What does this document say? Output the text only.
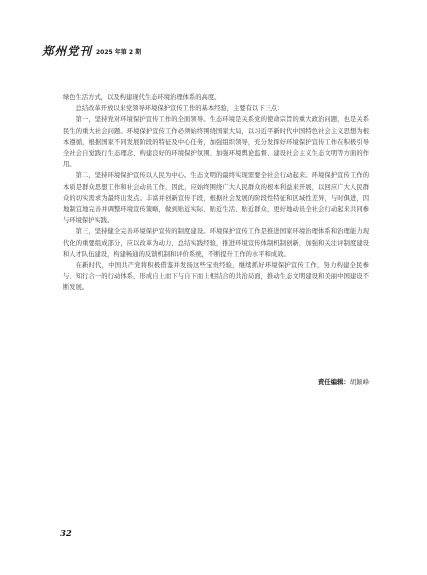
郑州党刊 2025 年第 2 期

绿色生活方式，以及构建现代生态环境治理体系的高度。

总结改革开放以来党领导环境保护宣传工作的基本经验，主要有以下三点：

第一，坚持党对环境保护宣传工作的全面领导。生态环境是关系党的使命宗旨的重大政治问题，也是关系民生的重大社会问题。环境保护宣传工作必须始终围绕国家大局，以习近平新时代中国特色社会主义思想为根本遵循，根据国家不同发展阶段的特征及中心任务，加强组织领导，充分发挥好环境保护宣传工作在积极引导全社会自觉践行生态理念、构建良好的环境保护氛围、加强环境舆论监督、建设社会主义生态文明等方面的作用。

第二，坚持环境保护宣传以人民为中心。生态文明的最终实现需要全社会行动起来。环境保护宣传工作的本质是群众思想工作和社会动员工作，因此，应始终围绕广大人民群众的根本利益来开展，以回应广大人民群众的切实需求为最终出发点。丰富并创新宣传手段，根据社会发展的阶段性特征和区域性差异，与时俱进，因地制宜地完善并调整环境宣传策略，做到贴近实际、贴近生活、贴近群众，更好地动员全社会行动起来共同参与环境保护实践。

第三，坚持健全完善环境保护宣传的制度建设。环境保护宣传工作是推进国家环境治理体系和治理能力现代化的重要组成部分，应以改革为动力，总结实践经验，推进环境宣传体制机制创新，加强和关注评制度建设和人才队伍建设，构建畅通的反馈机制和评价系统，不断提升工作的水平和成效。

在新时代，中国共产党将积极借鉴并发扬这些宝贵经验，继续抓好环境保护宣传工作，努力构建全民参与、知行合一的行动体系，形成自上而下与自下而上相结合的共治局面，推动生态文明建设和美丽中国建设不断发展。

责任编辑：胡颖峰
32
